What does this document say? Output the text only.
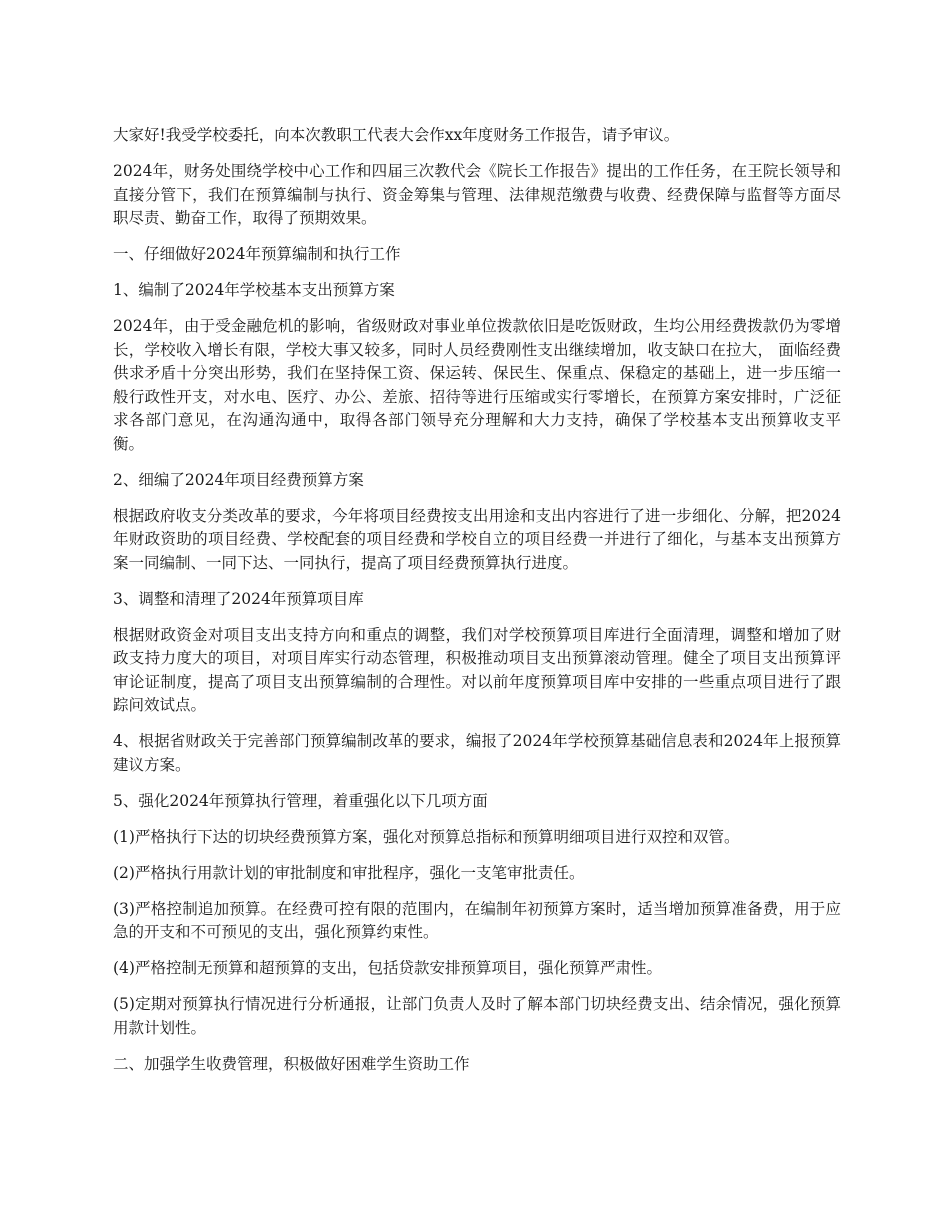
大家好!我受学校委托，向本次教职工代表大会作xx年度财务工作报告，请予审议。

2024年，财务处围绕学校中心工作和四届三次教代会《院长工作报告》提出的工作任务，在王院长领导和直接分管下，我们在预算编制与执行、资金筹集与管理、法律规范缴费与收费、经费保障与监督等方面尽职尽责、勤奋工作，取得了预期效果。

一、仔细做好2024年预算编制和执行工作

1、编制了2024年学校基本支出预算方案

2024年，由于受金融危机的影响，省级财政对事业单位拨款依旧是吃饭财政，生均公用经费拨款仍为零增长，学校收入增长有限，学校大事又较多，同时人员经费刚性支出继续增加，收支缺口在拉大， 面临经费供求矛盾十分突出形势，我们在坚持保工资、保运转、保民生、保重点、保稳定的基础上，进一步压缩一般行政性开支，对水电、医疗、办公、差旅、招待等进行压缩或实行零增长，在预算方案安排时，广泛征求各部门意见，在沟通沟通中，取得各部门领导充分理解和大力支持，确保了学校基本支出预算收支平衡。

2、细编了2024年项目经费预算方案

根据政府收支分类改革的要求，今年将项目经费按支出用途和支出内容进行了进一步细化、分解，把2024年财政资助的项目经费、学校配套的项目经费和学校自立的项目经费一并进行了细化，与基本支出预算方案一同编制、一同下达、一同执行，提高了项目经费预算执行进度。

3、调整和清理了2024年预算项目库

根据财政资金对项目支出支持方向和重点的调整，我们对学校预算项目库进行全面清理，调整和增加了财政支持力度大的项目，对项目库实行动态管理，积极推动项目支出预算滚动管理。健全了项目支出预算评审论证制度，提高了项目支出预算编制的合理性。对以前年度预算项目库中安排的一些重点项目进行了跟踪问效试点。

4、根据省财政关于完善部门预算编制改革的要求，编报了2024年学校预算基础信息表和2024年上报预算建议方案。

5、强化2024年预算执行管理，着重强化以下几项方面

(1)严格执行下达的切块经费预算方案，强化对预算总指标和预算明细项目进行双控和双管。

(2)严格执行用款计划的审批制度和审批程序，强化一支笔审批责任。

(3)严格控制追加预算。在经费可控有限的范围内，在编制年初预算方案时，适当增加预算准备费，用于应急的开支和不可预见的支出，强化预算约束性。

(4)严格控制无预算和超预算的支出，包括贷款安排预算项目，强化预算严肃性。

(5)定期对预算执行情况进行分析通报，让部门负责人及时了解本部门切块经费支出、结余情况，强化预算用款计划性。

二、加强学生收费管理，积极做好困难学生资助工作
